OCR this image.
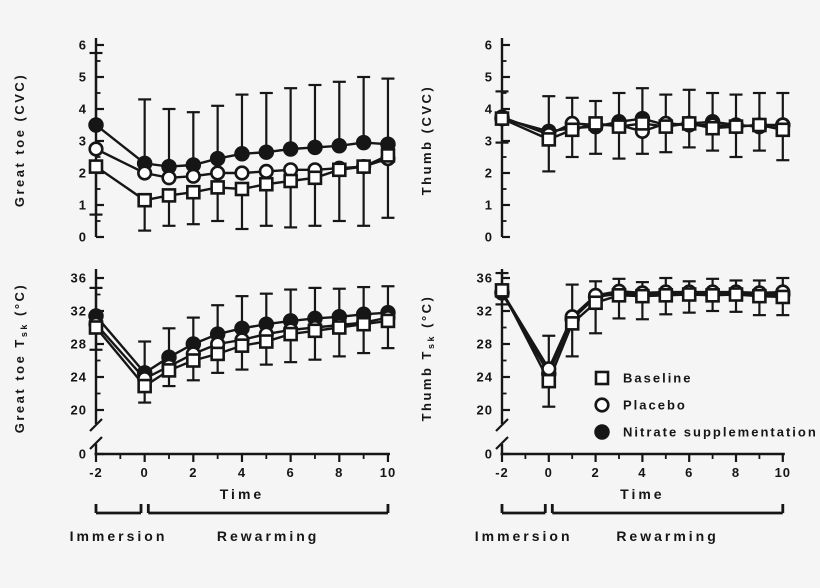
0
1
2
3
4
5
6
Great toe (CVC)
0
1
2
3
4
5
6
Thumb (CVC)
20
24
28
32
36
0
Great toe $T_{sk}$ (°C)
-2	0	2	4	6	8	10
Time
Immersion	Rewarming
20
24
28
32
36
0
Thumb $T_{sk}$ (°C)
-2	0	2	4	6	8	10
Time
Immersion	Rewarming
Baseline
Placebo
Nitrate supplementation
